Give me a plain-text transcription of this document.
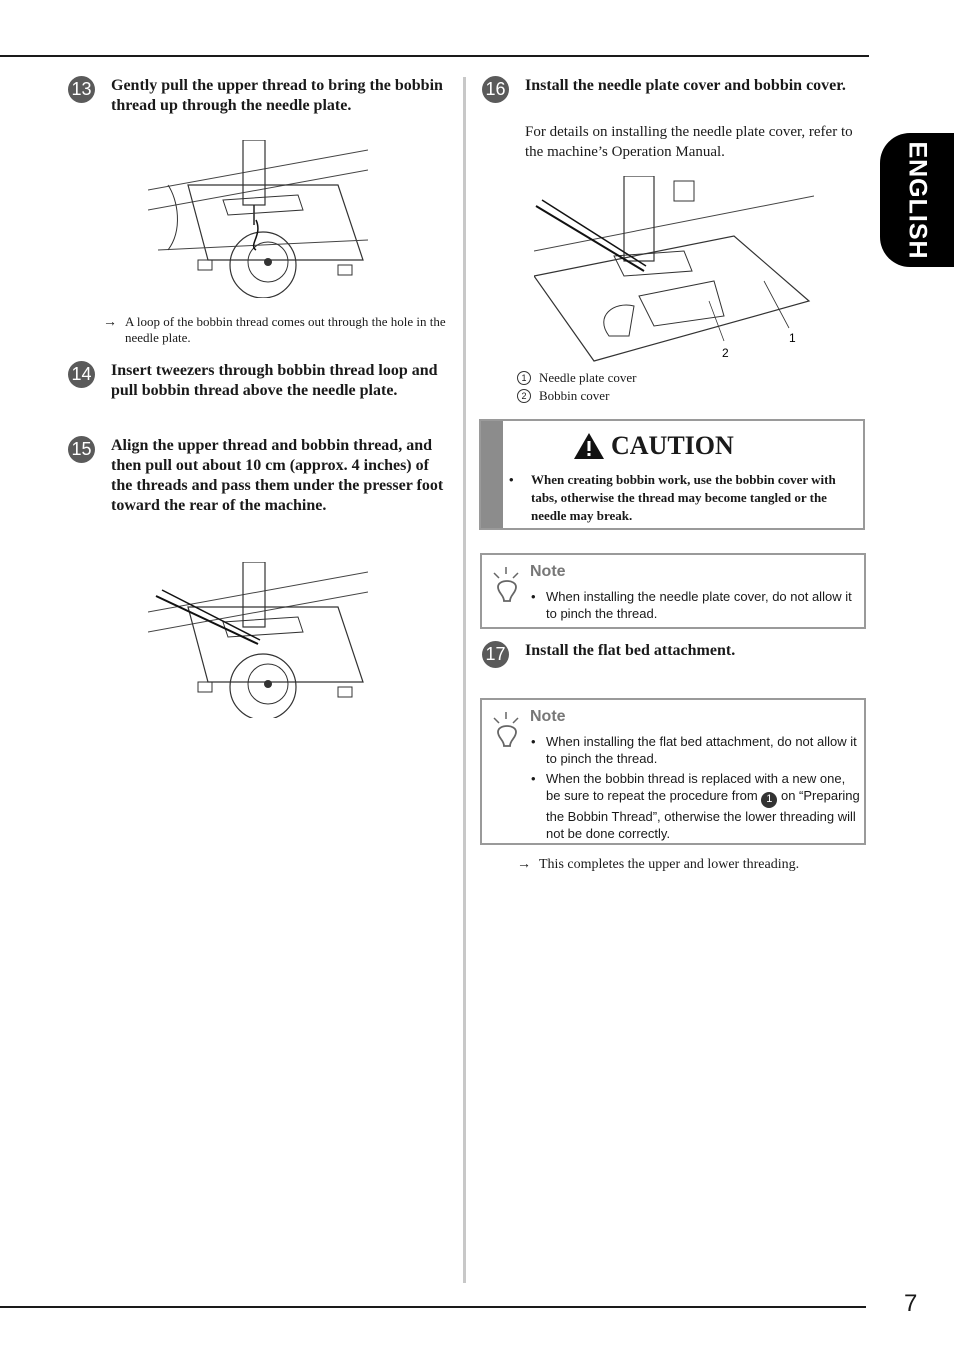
7
ENGLISH
13 Gently pull the upper thread to bring the bobbin thread up through the needle plate.
→ A loop of the bobbin thread comes out through the hole in the needle plate.
14 Insert tweezers through bobbin thread loop and pull bobbin thread above the needle plate.
15 Align the upper thread and bobbin thread, and then pull out about 10 cm (approx. 4 inches) of the threads and pass them under the presser foot toward the rear of the machine.
16 Install the needle plate cover and bobbin cover.
For details on installing the needle plate cover, refer to the machine’s Operation Manual.
2
1
1 Needle plate cover
2 Bobbin cover
CAUTION
• When creating bobbin work, use the bobbin cover with tabs, otherwise the thread may become tangled or the needle may break.
Note
• When installing the needle plate cover, do not allow it to pinch the thread.
17 Install the flat bed attachment.
Note
• When installing the flat bed attachment, do not allow it to pinch the thread.
• When the bobbin thread is replaced with a new one, be sure to repeat the procedure from 1 on “Preparing the Bobbin Thread”, otherwise the lower threading will not be done correctly.
→ This completes the upper and lower threading.
